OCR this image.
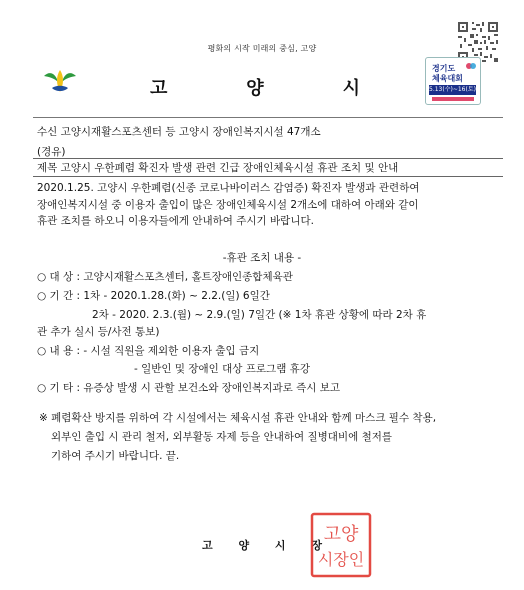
평화의 시작 미래의 중심, 고양
고	양	시
경기도
체육대회
5.13(수)~16(토)
수신 고양시재활스포츠센터 등 고양시 장애인복지시설 47개소
(경유)
제목 고양시 우한폐렴 확진자 발생 관련 긴급 장애인체육시설 휴관 조치 및 안내
2020.1.25. 고양시 우한폐렴(신종 코로나바이러스 감염증) 확진자 발생과 관련하여
장애인복지시설 중 이용자 출입이 많은 장애인체육시설 2개소에 대하여 아래와 같이
휴관 조치를 하오니 이용자들에게 안내하여 주시기 바랍니다.
-휴관 조치 내용 -
○ 대 상 : 고양시재활스포츠센터, 홀트장애인종합체육관
○ 기 간 : 1차 - 2020.1.28.(화) ~ 2.2.(일) 6일간
2차 - 2020. 2.3.(월) ~ 2.9.(일) 7일간 (※ 1차 휴관 상황에 따라 2차 휴
관 추가 실시 등/사전 통보)
○ 내 용 : - 시설 직원을 제외한 이용자 출입 금지
- 일반인 및 장애인 대상 프로그램 휴강
○ 기 타 : 유증상 발생 시 관할 보건소와 장애인복지과로 즉시 보고
※ 폐렴확산 방지를 위하여 각 시설에서는 체육시설 휴관 안내와 함께 마스크 필수 착용,
외부인 출입 시 관리 철저, 외부활동 자제 등을 안내하여 질병대비에 철저를
기하여 주시기 바랍니다. 끝.
고 양 시 장
고양
시장인
